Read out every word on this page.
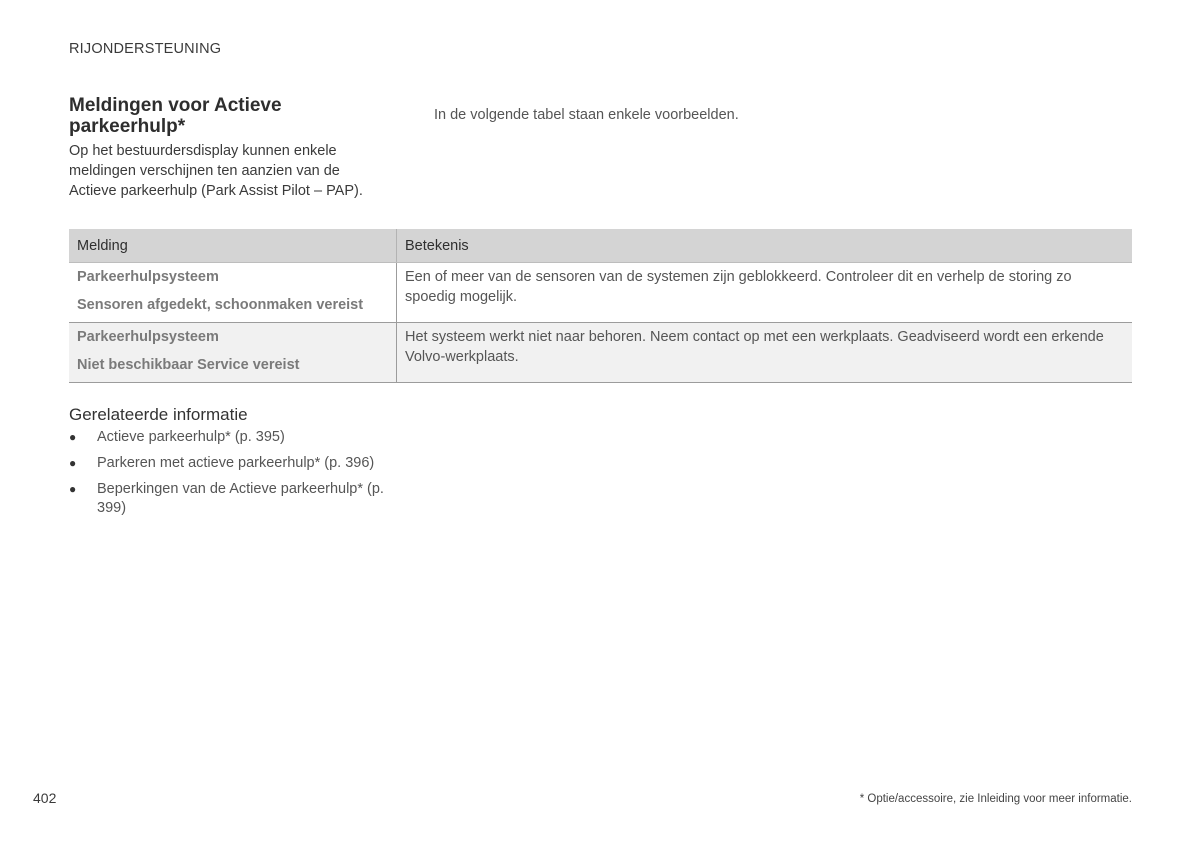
RIJONDERSTEUNING
Meldingen voor Actieve parkeerhulp*
Op het bestuurdersdisplay kunnen enkele meldingen verschijnen ten aanzien van de Actieve parkeerhulp (Park Assist Pilot – PAP).
In de volgende tabel staan enkele voorbeelden.
Melding	Betekenis

Parkeerhulpsysteem
Sensoren afgedekt, schoonmaken vereist	Een of meer van de sensoren van de systemen zijn geblokkeerd. Controleer dit en verhelp de storing zo spoedig mogelijk.

Parkeerhulpsysteem
Niet beschikbaar Service vereist	Het systeem werkt niet naar behoren. Neem contact op met een werkplaats. Geadviseerd wordt een erkende Volvo-werkplaats.
Gerelateerde informatie
● Actieve parkeerhulp* (p. 395)
● Parkeren met actieve parkeerhulp* (p. 396)
● Beperkingen van de Actieve parkeerhulp* (p. 399)
402	* Optie/accessoire, zie Inleiding voor meer informatie.
